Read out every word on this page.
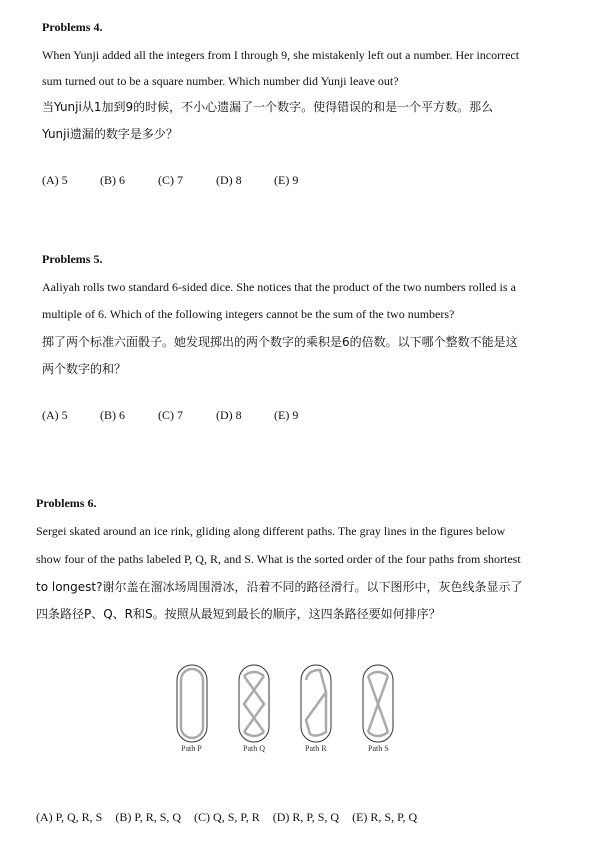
Problems 4.
When Yunji added all the integers from I through 9, she mistakenly left out a number. Her incorrect
sum turned out to be a square number. Which number did Yunji leave out?
当Yunji从1加到9的时候，不小心遗漏了一个数字。使得错误的和是一个平方数。那么
Yunji遗漏的数字是多少？
(A) 5	(B) 6	(C) 7	(D) 8	(E) 9
Problems 5.
Aaliyah rolls two standard 6-sided dice. She notices that the product of the two numbers rolled is a
multiple of 6. Which of the following integers cannot be the sum of the two numbers?
掷了两个标准六面骰子。她发现掷出的两个数字的乘积是6的倍数。以下哪个整数不能是这
两个数字的和？
(A) 5	(B) 6	(C) 7	(D) 8	(E) 9
Problems 6.
Sergei skated around an ice rink, gliding along different paths. The gray lines in the figures below
show four of the paths labeled P, Q, R, and S. What is the sorted order of the four paths from shortest
to longest?谢尔盖在溜冰场周围滑冰，沿着不同的路径滑行。以下图形中，灰色线条显示了
四条路径P、Q、R和S。按照从最短到最长的顺序，这四条路径要如何排序？
Path P	Path Q	Path R	Path S
(A) P, Q, R, S (B) P, R, S, Q (C) Q, S, P, R (D) R, P, S, Q (E) R, S, P, Q
